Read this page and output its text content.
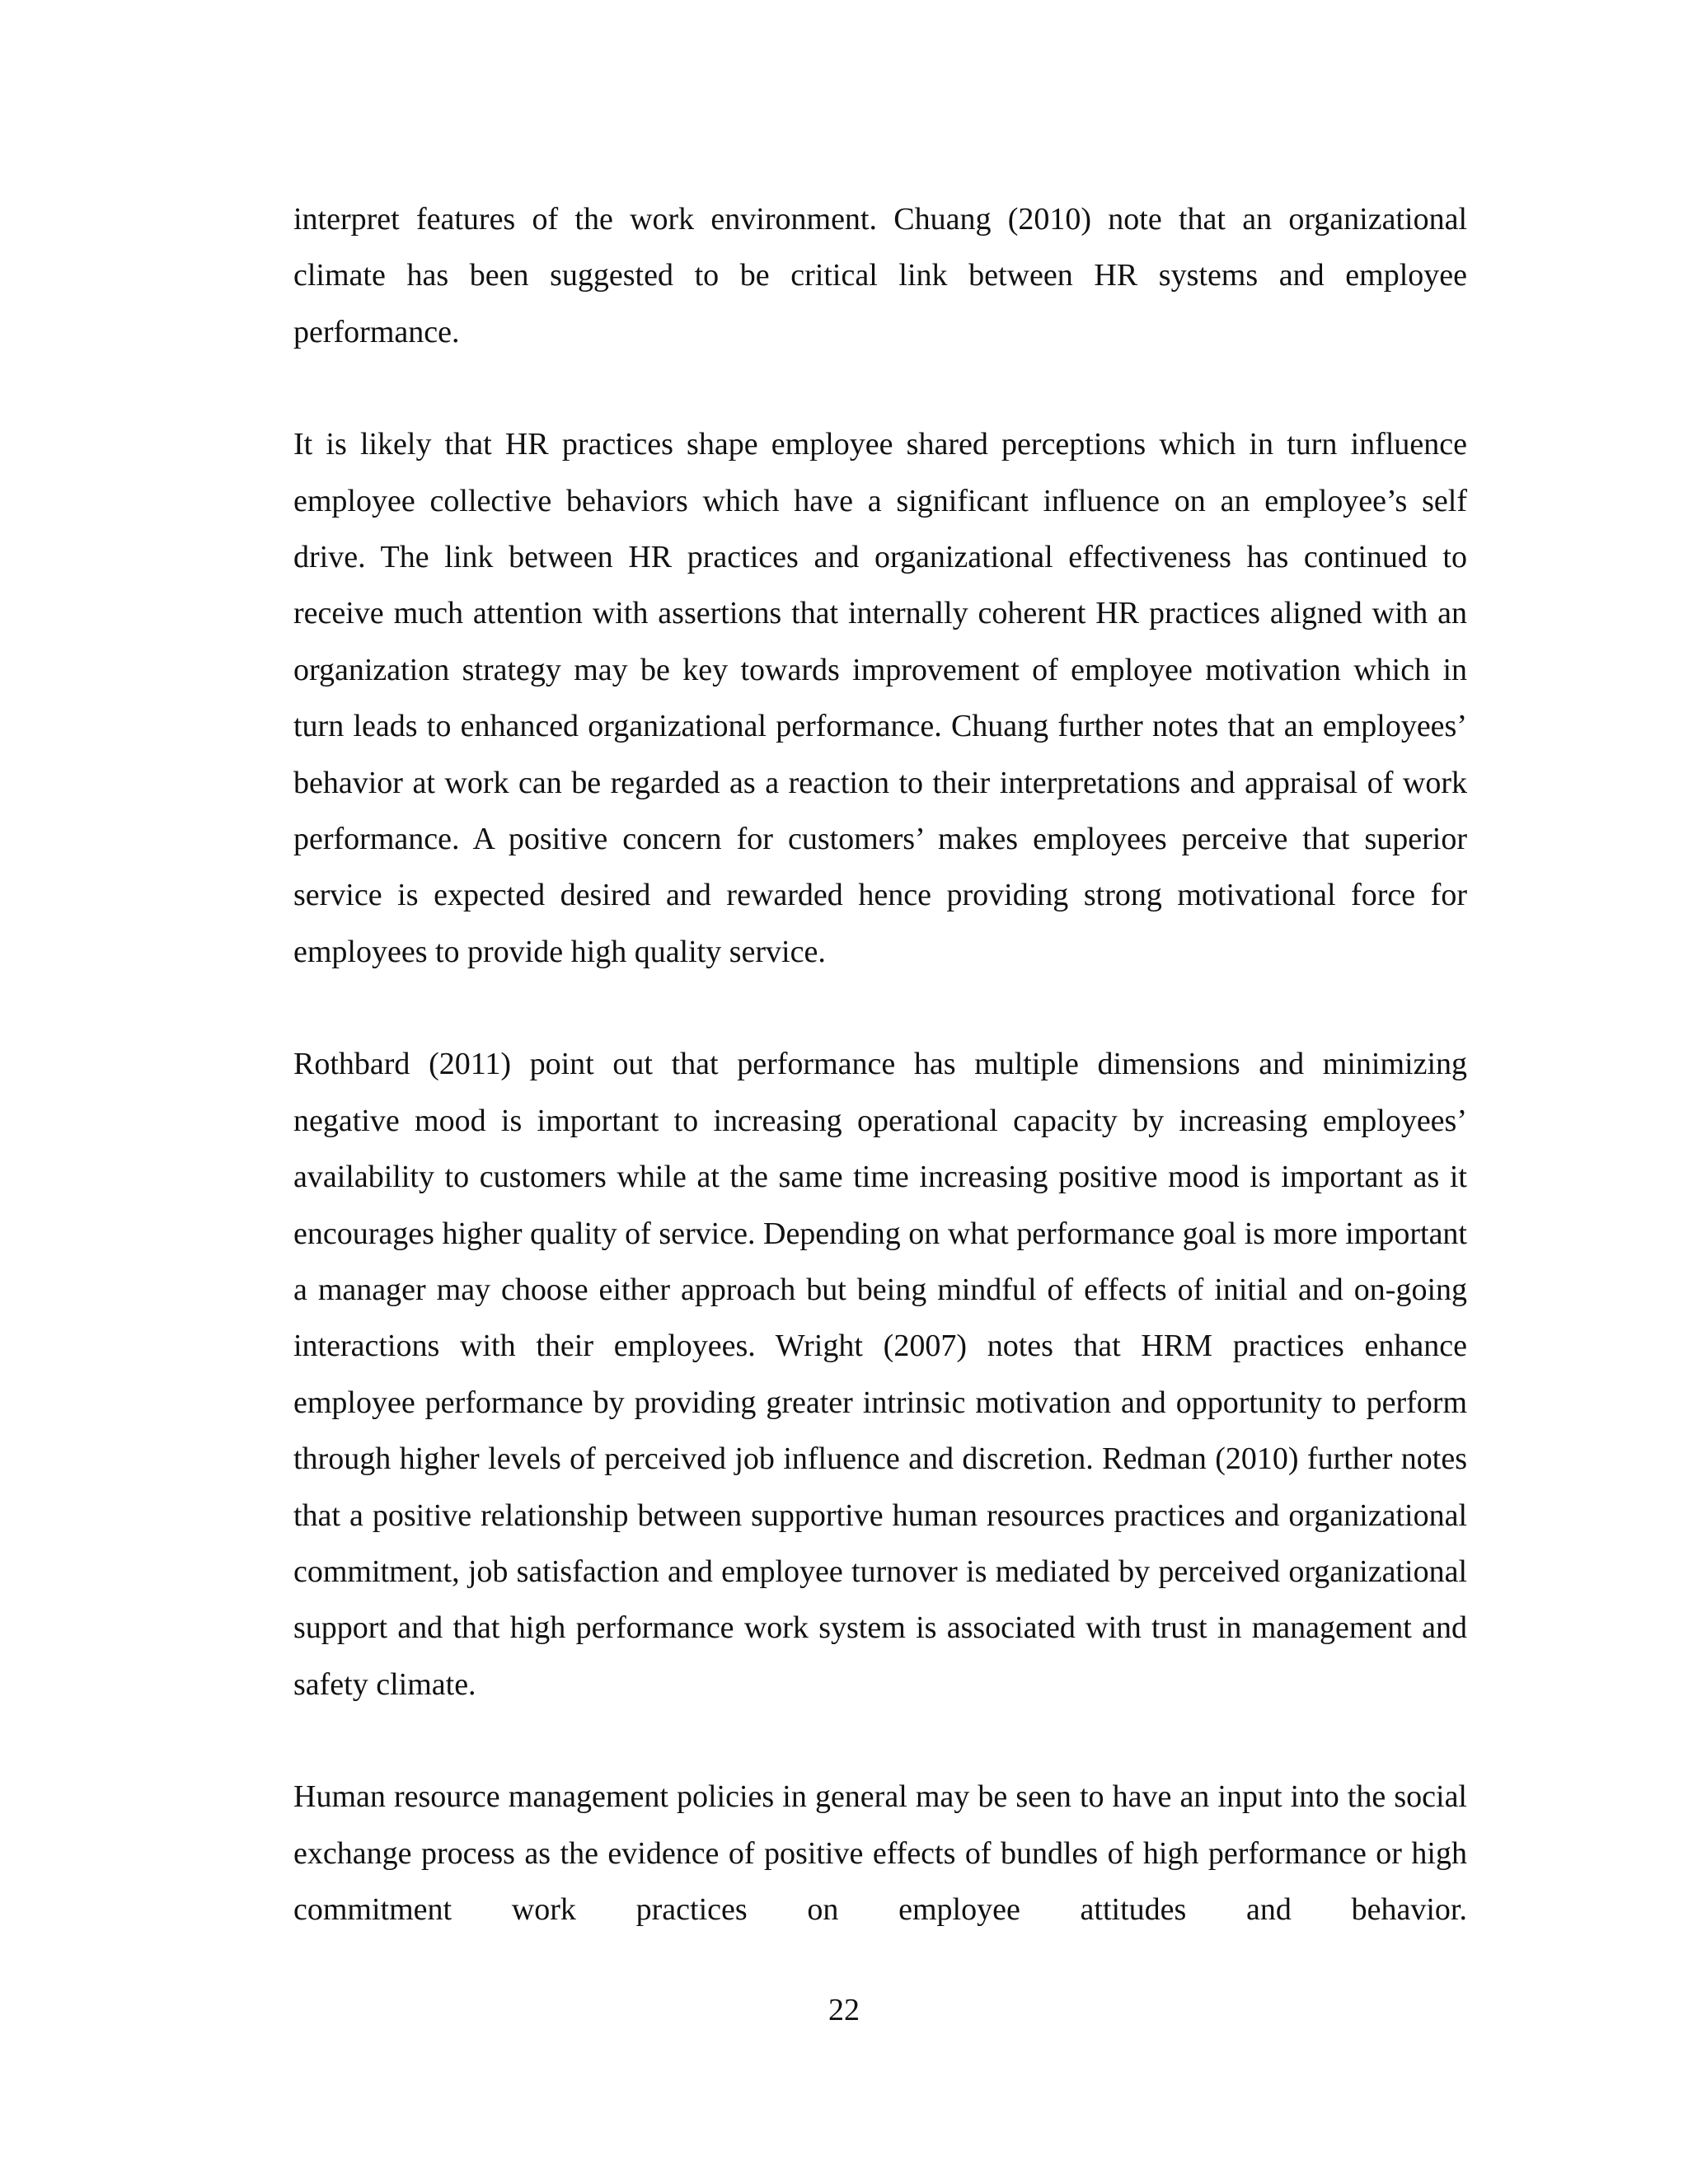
interpret features of the work environment. Chuang (2010) note that an organizational climate has been suggested to be critical link between HR systems and employee performance.

It is likely that HR practices shape employee shared perceptions which in turn influence employee collective behaviors which have a significant influence on an employee’s self drive. The link between HR practices and organizational effectiveness has continued to receive much attention with assertions that internally coherent HR practices aligned with an organization strategy may be key towards improvement of employee motivation which in turn leads to enhanced organizational performance. Chuang further notes that an employees’ behavior at work can be regarded as a reaction to their interpretations and appraisal of work performance. A positive concern for customers’ makes employees perceive that superior service is expected desired and rewarded hence providing strong motivational force for employees to provide high quality service.

Rothbard (2011) point out that performance has multiple dimensions and minimizing negative mood is important to increasing operational capacity by increasing employees’ availability to customers while at the same time increasing positive mood is important as it encourages higher quality of service. Depending on what performance goal is more important a manager may choose either approach but being mindful of effects of initial and on-going interactions with their employees. Wright (2007) notes that HRM practices enhance employee performance by providing greater intrinsic motivation and opportunity to perform through higher levels of perceived job influence and discretion. Redman (2010) further notes that a positive relationship between supportive human resources practices and organizational commitment, job satisfaction and employee turnover is mediated by perceived organizational support and that high performance work system is associated with trust in management and safety climate.

Human resource management policies in general may be seen to have an input into the social exchange process as the evidence of positive effects of bundles of high performance or high commitment work practices on employee attitudes and behavior.

22
